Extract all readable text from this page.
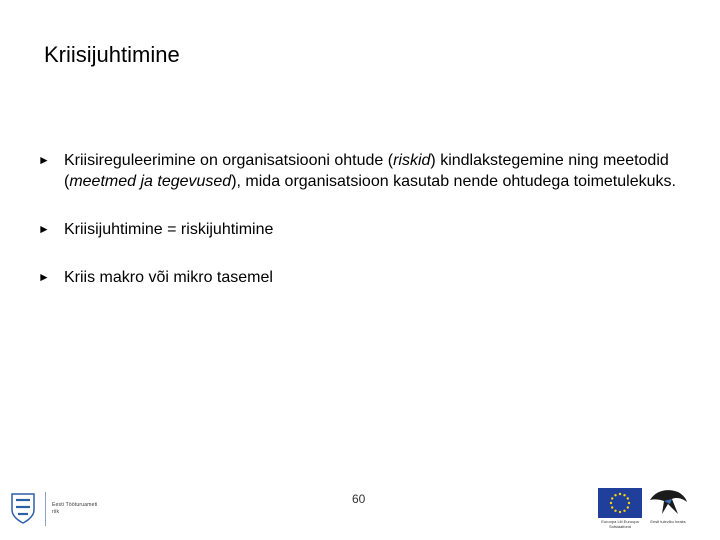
Kriisijuhtimine
► Kriisireguleerimine on organisatsiooni ohtude (riskid) kindlakstegemine ning meetodid (meetmed ja tegevused), mida organisatsioon kasutab nende ohtudega toimetulekuks.
► Kriisijuhtimine = riskijuhtimine
► Kriis makro või mikro tasemel
60
Eesti Tööturuameti
riik
Euroopa Liit Euroopa Sotsiaalfond
Eesti tuleviku heaks
